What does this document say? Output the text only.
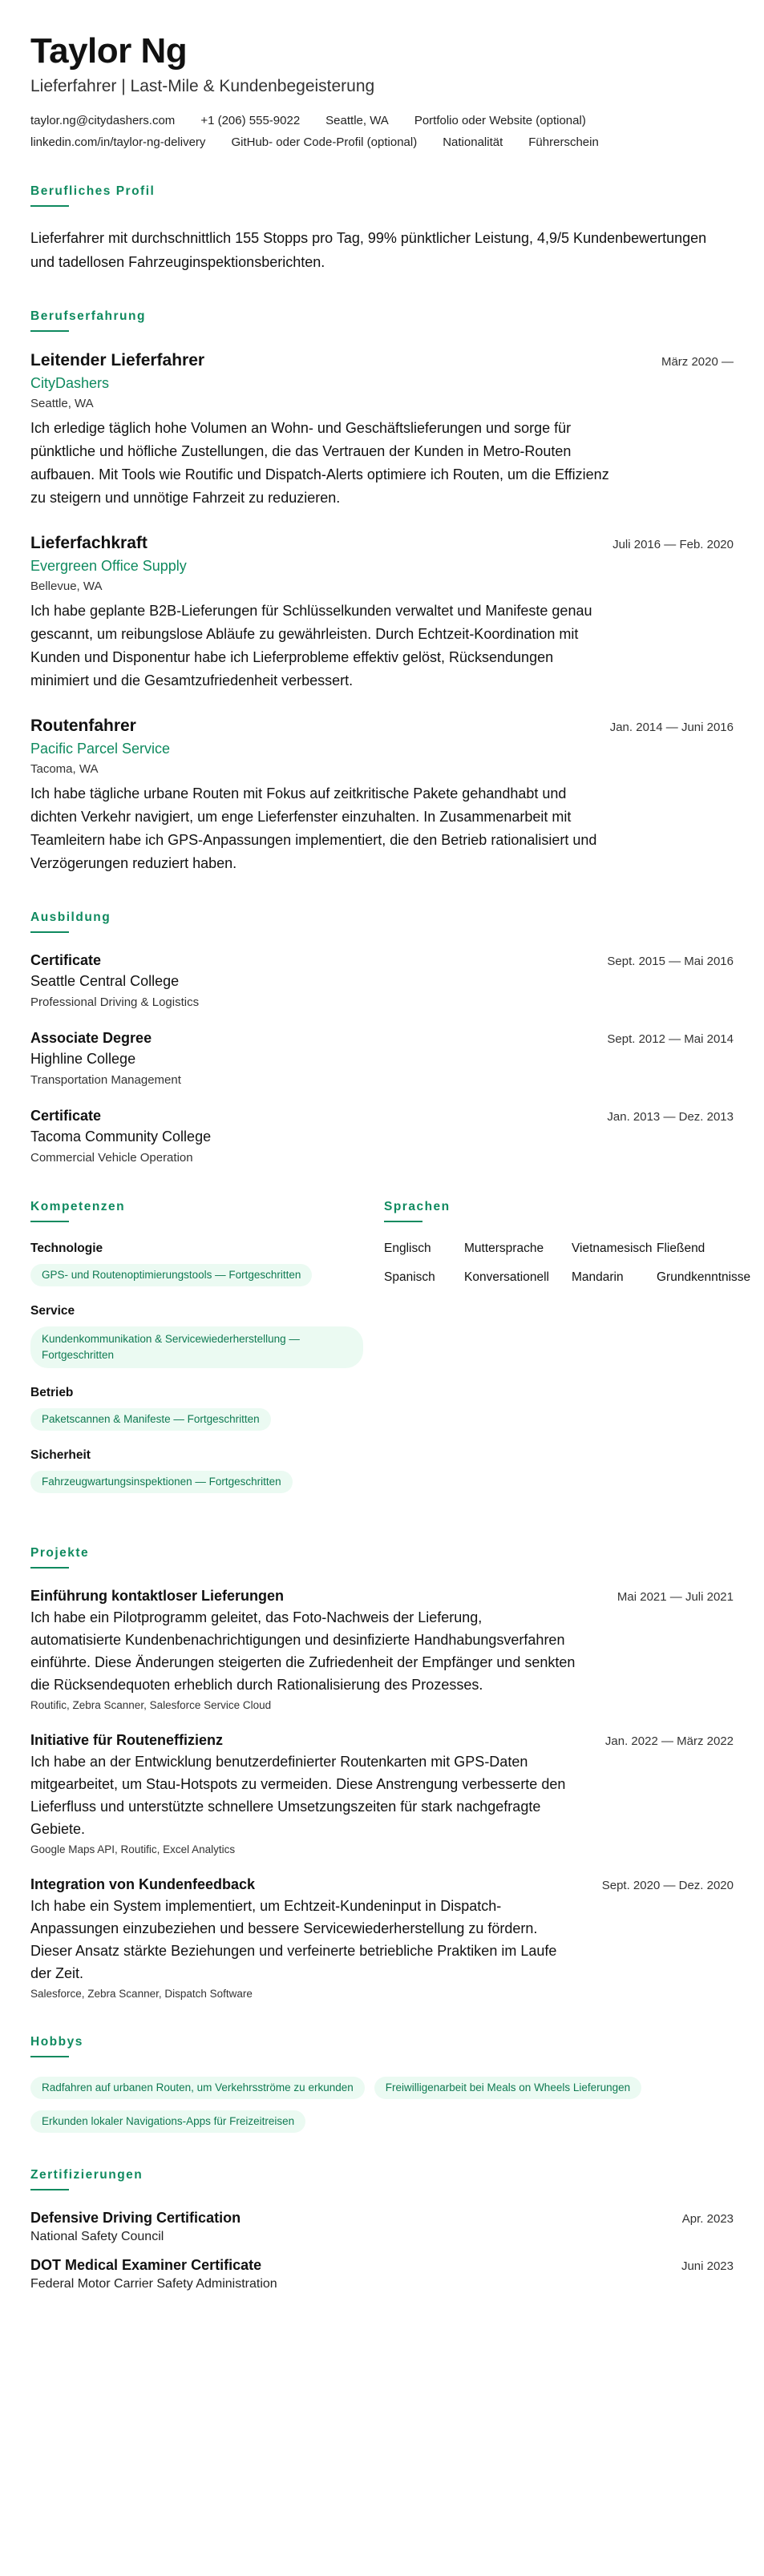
Taylor Ng
Lieferfahrer | Last-Mile & Kundenbegeisterung
taylor.ng@citydashers.com +1 (206) 555-9022 Seattle, WA Portfolio oder Website (optional)
linkedin.com/in/taylor-ng-delivery GitHub- oder Code-Profil (optional) Nationalität Führerschein
Berufliches Profil

Lieferfahrer mit durchschnittlich 155 Stopps pro Tag, 99% pünktlicher Leistung, 4,9/5 Kundenbewertungen und tadellosen Fahrzeuginspektionsberichten.

Berufserfahrung
Leitender Lieferfahrer	März 2020 —
CityDashers
Seattle, WA

Ich erledige täglich hohe Volumen an Wohn- und Geschäftslieferungen und sorge für pünktliche und höfliche Zustellungen, die das Vertrauen der Kunden in Metro-Routen aufbauen. Mit Tools wie Routific und Dispatch-Alerts optimiere ich Routen, um die Effizienz zu steigern und unnötige Fahrzeit zu reduzieren.

Lieferfachkraft	Juli 2016 — Feb. 2020
Evergreen Office Supply
Bellevue, WA

Ich habe geplante B2B-Lieferungen für Schlüsselkunden verwaltet und Manifeste genau gescannt, um reibungslose Abläufe zu gewährleisten. Durch Echtzeit-Koordination mit Kunden und Disponentur habe ich Lieferprobleme effektiv gelöst, Rücksendungen minimiert und die Gesamtzufriedenheit verbessert.

Routenfahrer	Jan. 2014 — Juni 2016
Pacific Parcel Service
Tacoma, WA

Ich habe tägliche urbane Routen mit Fokus auf zeitkritische Pakete gehandhabt und dichten Verkehr navigiert, um enge Lieferfenster einzuhalten. In Zusammenarbeit mit Teamleitern habe ich GPS-Anpassungen implementiert, die den Betrieb rationalisiert und Verzögerungen reduziert haben.

Ausbildung
Certificate	Sept. 2015 — Mai 2016
Seattle Central College
Professional Driving & Logistics
Associate Degree	Sept. 2012 — Mai 2014
Highline College
Transportation Management
Certificate	Jan. 2013 — Dez. 2013
Tacoma Community College
Commercial Vehicle Operation
Kompetenzen
Technologie
GPS- und Routenoptimierungstools — Fortgeschritten
Service
Kundenkommunikation & Servicewiederherstellung — Fortgeschritten
Betrieb
Paketscannen & Manifeste — Fortgeschritten
Sicherheit
Fahrzeugwartungsinspektionen — Fortgeschritten
Sprachen
Englisch	Muttersprache	Vietnamesisch Fließend
Spanisch	Konversationell	Mandarin	Grundkenntnisse
Projekte
Einführung kontaktloser Lieferungen	Mai 2021 — Juli 2021

Ich habe ein Pilotprogramm geleitet, das Foto-Nachweis der Lieferung, automatisierte Kundenbenachrichtigungen und desinfizierte Handhabungsverfahren einführte. Diese Änderungen steigerten die Zufriedenheit der Empfänger und senkten die Rücksendequoten erheblich durch Rationalisierung des Prozesses.

Routific, Zebra Scanner, Salesforce Service Cloud
Initiative für Routeneffizienz	Jan. 2022 — März 2022

Ich habe an der Entwicklung benutzerdefinierter Routenkarten mit GPS-Daten mitgearbeitet, um Stau-Hotspots zu vermeiden. Diese Anstrengung verbesserte den Lieferfluss und unterstützte schnellere Umsetzungszeiten für stark nachgefragte Gebiete.

Google Maps API, Routific, Excel Analytics
Integration von Kundenfeedback	Sept. 2020 — Dez. 2020

Ich habe ein System implementiert, um Echtzeit-Kundeninput in Dispatch-Anpassungen einzubeziehen und bessere Servicewiederherstellung zu fördern. Dieser Ansatz stärkte Beziehungen und verfeinerte betriebliche Praktiken im Laufe der Zeit.

Salesforce, Zebra Scanner, Dispatch Software
Hobbys
Radfahren auf urbanen Routen, um Verkehrsströme zu erkunden	Freiwilligenarbeit bei Meals on Wheels Lieferungen
Erkunden lokaler Navigations-Apps für Freizeitreisen
Zertifizierungen
Defensive Driving Certification	Apr. 2023
National Safety Council
DOT Medical Examiner Certificate	Juni 2023
Federal Motor Carrier Safety Administration
